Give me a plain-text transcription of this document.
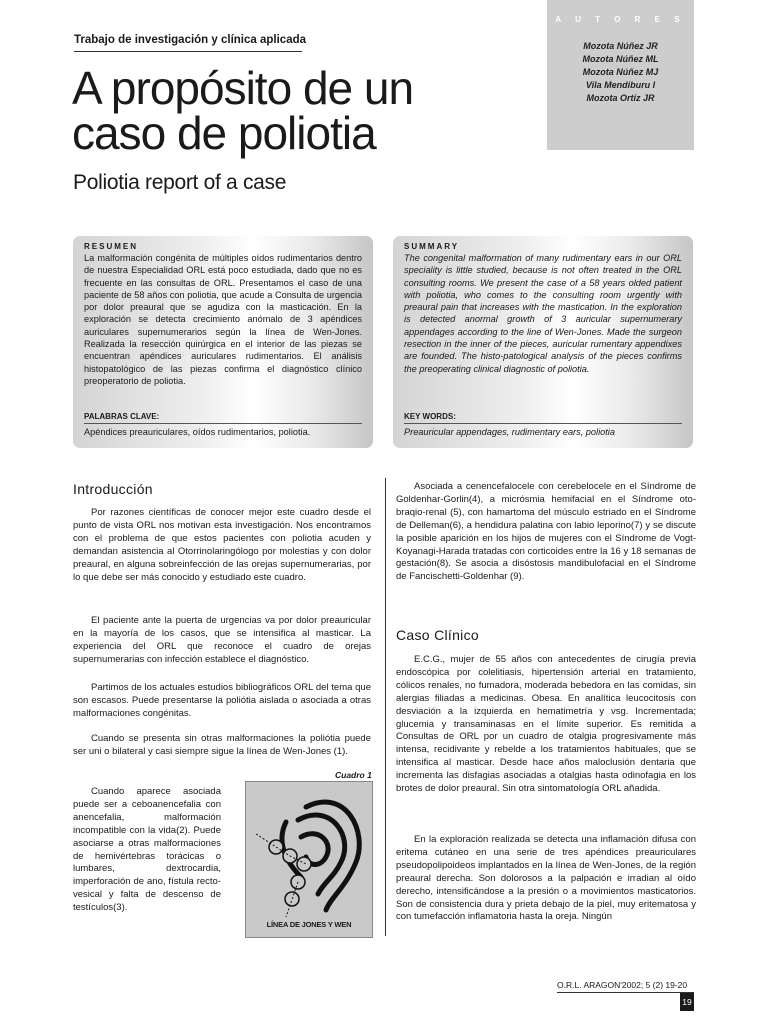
Trabajo de investigación y clínica aplicada
A propósito de un
caso de poliotia
Poliotia report of a case
A U T O R E S
Mozota Núñez JR
Mozota Núñez ML
Mozota Núñez MJ
Vila Mendiburu I
Mozota Ortiz JR
RESUMEN
La malformación congénita de múltiples oídos rudimentarios dentro de nuestra Especialidad ORL está poco estudiada, dado que no es frecuente en las consultas de ORL. Presentamos el caso de una paciente de 58 años con poliotia, que acude a Consulta de urgencia por dolor preaural que se agudiza con la masticación. En la exploración se detecta crecimiento anómalo de 3 apéndices auriculares supernumerarios según la línea de Wen-Jones. Realizada la resección quirúrgica en el interior de las piezas se encuentran apéndices auriculares rudimentarios. El análisis histopatológico de las piezas confirma el diagnóstico clínico preoperatorio de poliotia.
PALABRAS CLAVE:
Apéndices preauriculares, oídos rudimentarios, poliotia.
SUMMARY
The congenital malformation of many rudimentary ears in our ORL speciality is little studied, because is not often treated in the ORL consulting rooms. We present the case of a 58 years olded patient with poliotia, who comes to the consulting room urgently with preaural pain that increases with the mastication. In the exploration is detected anormal growth of 3 auricular supernumerary appendages according to the line of Wen-Jones. Made the surgeon resection in the inner of the pieces, auricular rumentary appendixes are founded. The histo-patological analysis of the pieces confirms the preoperating clinical diagnostic of poliotia.
KEY WORDS:
Preauricular appendages, rudimentary ears, poliotia
Introducción
Por razones científicas de conocer mejor este cuadro desde el punto de vista ORL nos motivan esta investigación. Nos encontramos con el problema de que estos pacientes con poliotia acuden y demandan asistencia al Otorrinolaringólogo por molestias y con dolor preaural, en alguna sobreinfección de las orejas supernumerarias, por lo que debe ser más conocido y estudiado este cuadro.
El paciente ante la puerta de urgencias va por dolor preauricular en la mayoría de los casos, que se intensifica al masticar. La experiencia del ORL que reconoce el cuadro de orejas supernumerarias con infección establece el diagnóstico.
Partimos de los actuales estudios bibliográficos ORL del tema que son escasos. Puede presentarse la poliótia aislada o asociada a otras malformaciones congénitas.
Cuando se presenta sin otras malformaciones la poliótia puede ser uni o bilateral y casi siempre sigue la línea de Wen-Jones (1).
Cuando aparece asociada puede ser a ceboanencefalia con anencefalia, malformación incompatible con la vida(2). Puede asociarse a otras malformaciones de hemivértebras torácicas o lumbares, dextrocardia, imperforación de ano, fístula recto-vesical y falta de descenso de testículos(3).
Cuadro 1
LÍNEA DE JONES Y WEN
Asociada a cenencefalocele con cerebelocele en el Síndrome de Goldenhar-Gorlin(4), a micrósmia hemifacial en el Síndrome oto-braqio-renal (5), con hamartoma del músculo estriado en el Síndrome de Delleman(6), a hendidura palatina con labio leporino(7) y se discute la posible aparición en los hijos de mujeres con el Síndrome de Vogt-Koyanagi-Harada tratadas con corticoides entre la 16 y 18 semanas de gestación(8). Se asocia a disóstosis mandibulofacial en el Síndrome de Fancischetti-Goldenhar (9).
Caso Clínico
E.C.G., mujer de 55 años con antecedentes de cirugía previa endoscópica por colelitiasis, hipertensión arterial en tratamiento, cólicos renales, no fumadora, moderada bebedora en las comidas, sin alergias filiadas a medicinas. Obesa. En analítica leucocitosis con desviación a la izquierda en hematimetría y vsg. Incrementada; glucemia y transaminasas en el límite superior. Es remitida a Consultas de ORL por un cuadro de otalgia progresivamente más intensa, recidivante y rebelde a los tratamientos habituales, que se intensifica al masticar. Desde hace años maloclusión dentaria que incrementa las disfagias asociadas a otalgias hasta odinofagia en los brotes de dolor preaural. Sin otra sintomatología ORL añadida.
En la exploración realizada se detecta una inflamación difusa con eritema cutáneo en una serie de tres apéndices preauriculares pseudopolipoideos implantados en la línea de Wen-Jones, de la región preaural derecha. Son dolorosos a la palpación e irradian al oído derecho, intensificándose a la presión o a movimientos masticatorios. Son de consistencia dura y prieta debajo de la piel, muy eritematosa y con tumefacción inflamatoria hasta la oreja. Ningún
O.R.L. ARAGON'2002; 5 (2) 19-20
19
